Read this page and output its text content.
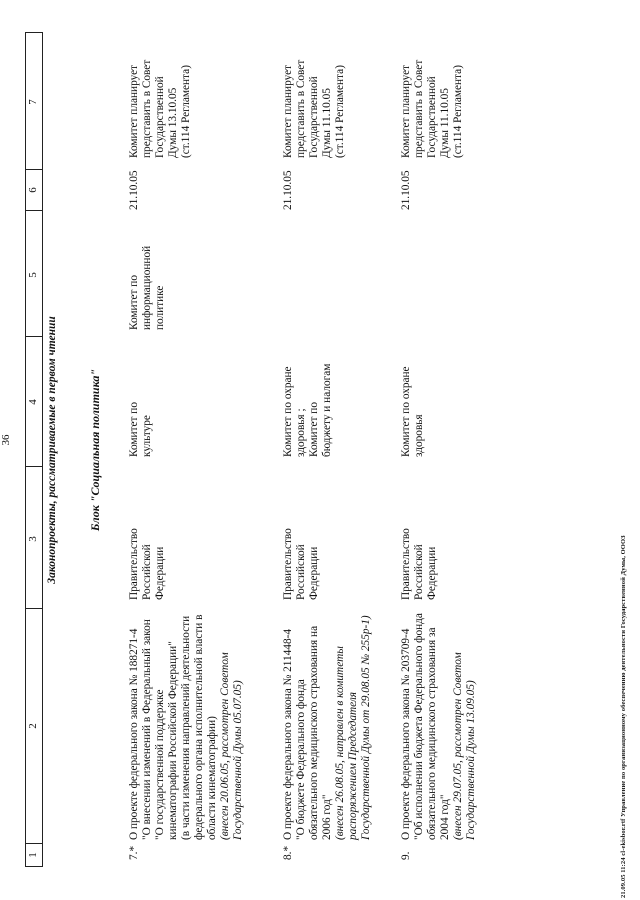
36
1
2
3
4
5
6
7
Законопроекты, рассматриваемые в первом чтении	Блок "Социальная политика"
7.*
О проекте федерального закона № 188271-4 "О внесении изменений в Федеральный закон "О государственной поддержке кинематографии Российской Федерации" (в части изменения направлений деятельности федерального органа исполнительной власти в области кинематографии) (внесен 20.06.05, рассмотрен Советом Государственной Думы 05.07.05)
Правительство Российской Федерации
Комитет по культуре
Комитет по информационной политике
21.10.05
Комитет планирует представить в Совет Государственной Думы 13.10.05 (ст.114 Регламента)
8.*
О проекте федерального закона № 211448-4 "О бюджете Федерального фонда обязательного медицинского страхования на 2006 год" (внесен 26.08.05, направлен в комитеты распоряжением Председателя Государственной Думы от 29.08.05 № 255р-1)
Правительство Российской Федерации
Комитет по охране здоровья ; Комитет по бюджету и налогам
21.10.05
Комитет планирует представить в Совет Государственной Думы 11.10.05 (ст.114 Регламента)
9.
О проекте федерального закона № 203709-4 "Об исполнении бюджета Федерального фонда обязательного медицинского страхования за 2004 год" (внесен 29.07.05, рассмотрен Советом Государственной Думы 13.09.05)
Правительство Российской Федерации
Комитет по охране здоровья
21.10.05
Комитет планирует представить в Совет Государственной Думы 11.10.05 (ст.114 Регламента)
21.09.05 11:24 cl-ekisbor.rtf Управление по организационному обеспечению деятельности Государственной Думы, ОООЗ
